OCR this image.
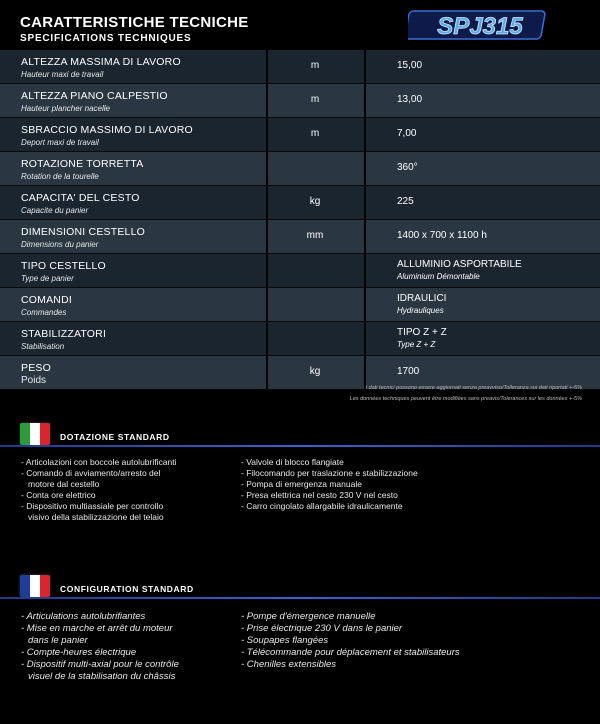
CARATTERISTICHE TECNICHE
SPECIFICATIONS TECHNIQUES	SPJ315
ALTEZZA MASSIMA DI LAVORO
Hauteur maxi de travail
m	15,00
ALTEZZA PIANO CALPESTIO
Hauteur plancher nacelle
m	13,00
SBRACCIO MASSIMO DI LAVORO
Deport maxi de travail
m	7,00
ROTAZIONE TORRETTA
Rotation de la tourelle
360°
CAPACITA' DEL CESTO
Capacite du panier
kg	225
DIMENSIONI CESTELLO
Dimensions du panier
mm	1400 x 700 x 1100 h
TIPO CESTELLO
Type de panier
ALLUMINIO ASPORTABILE
Aluminium Démontable
COMANDI
Commandes
IDRAULICI
Hydrauliques
STABILIZZATORI
Stabilisation
TIPO Z + Z
Type Z + Z
PESO
Poids
kg	1700
I dati tecnici possono essere aggiornati senza preavviso/Tolleranza sui dati riportati +-5%
Les données techniques peuvent être modifiées sans preavis/Tolerances sur les données +-5%
DOTAZIONE STANDARD
- Articolazioni con boccole autolubrificanti
- Comando di avviamento/arresto del
motore dal cestello
- Conta ore elettrico
- Dispositivo multiassiale per controllo
visivo della stabilizzazione del telaio
- Valvole di blocco flangiate
- Filocomando per traslazione e stabilizzazione
- Pompa di emergenza manuale
- Presa elettrica nel cesto 230 V nel cesto
- Carro cingolato allargabile idraulicamente
CONFIGURATION STANDARD
- Articulations autolubrifiantes
- Mise en marche et arrêt du moteur
dans le panier
- Compte-heures électrique
- Dispositif multi-axial pour le contrôle
visuel de la stabilisation du châssis
- Pompe d'émergence manuelle
- Prise électrique 230 V dans le panier
- Soupapes flangées
- Télécommande pour déplacement et stabilisateurs
- Chenilles extensibles
